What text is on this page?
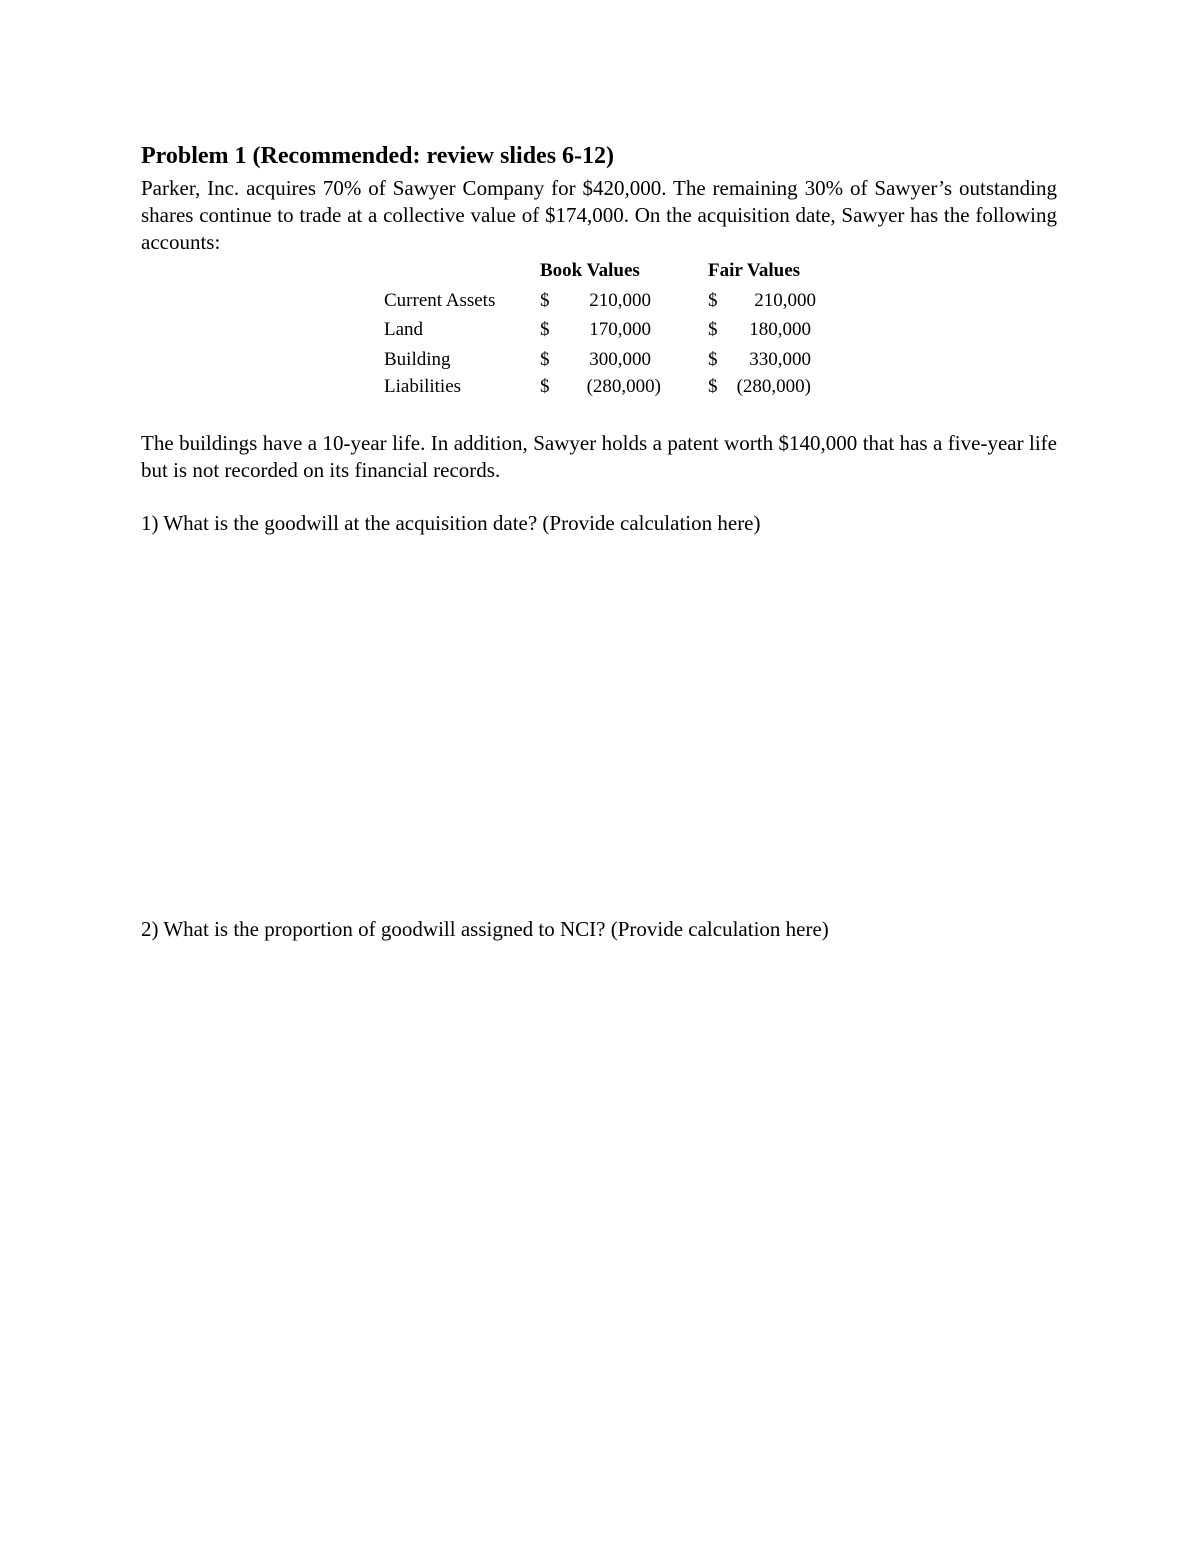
Problem 1 (Recommended: review slides 6-12)
Parker, Inc. acquires 70% of Sawyer Company for $420,000. The remaining 30% of Sawyer’s outstanding shares continue to trade at a collective value of $174,000. On the acquisition date, Sawyer has the following accounts:
Book Values	Fair Values
Current Assets $	210,000	$	210,000
Land	$	170,000	$	180,000
Building	$	300,000	$	330,000
Liabilities	$	(280,000) $	(280,000)
The buildings have a 10-year life. In addition, Sawyer holds a patent worth $140,000 that has a five-year life but is not recorded on its financial records.
1) What is the goodwill at the acquisition date? (Provide calculation here)
2) What is the proportion of goodwill assigned to NCI? (Provide calculation here)
